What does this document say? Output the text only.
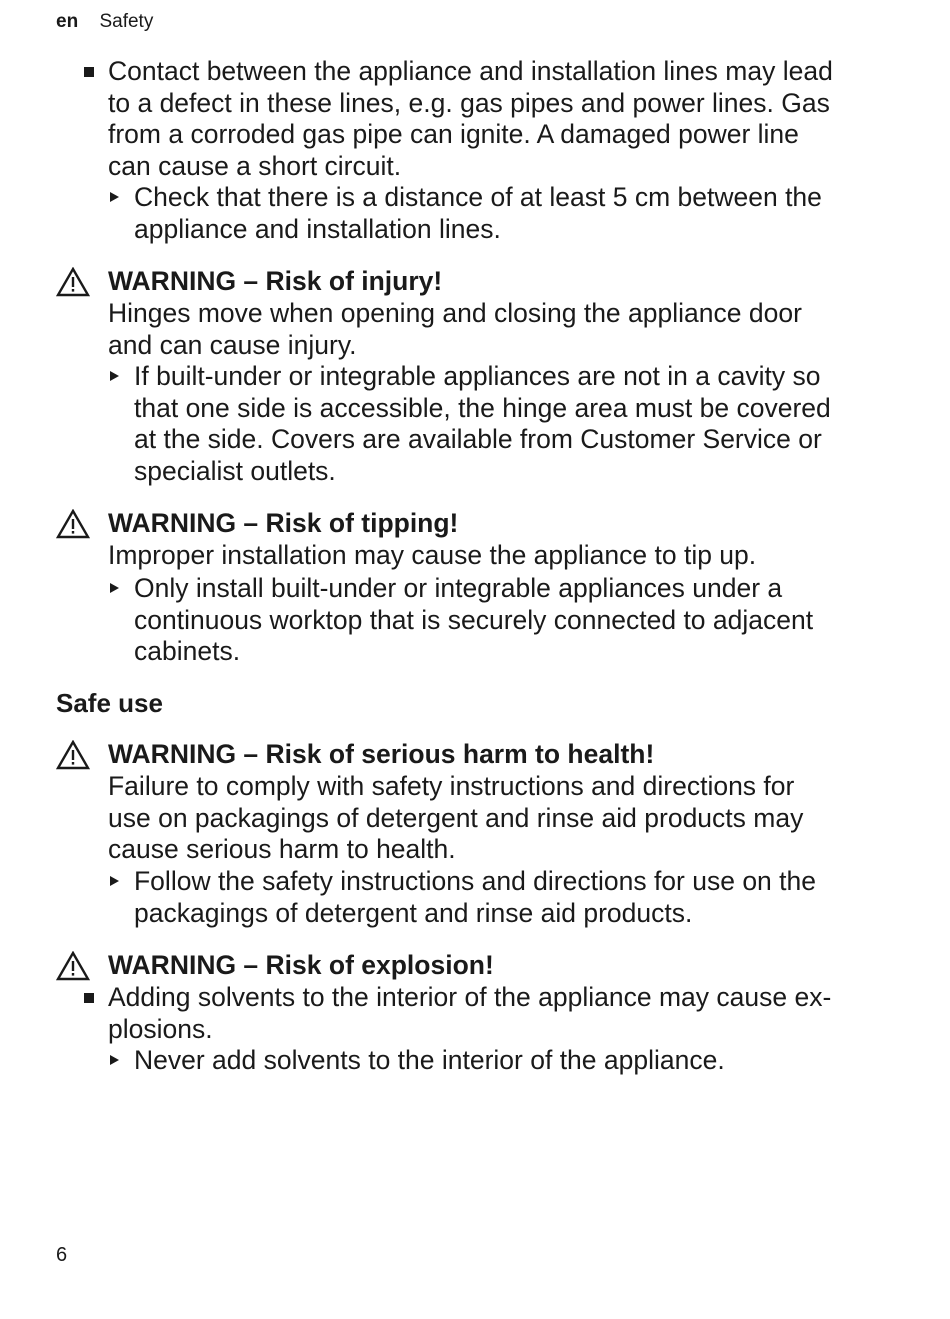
en Safety
Contact between the appliance and installation lines may lead
to a defect in these lines, e.g. gas pipes and power lines. Gas
from a corroded gas pipe can ignite. A damaged power line
can cause a short circuit.
Check that there is a distance of at least 5 cm between the
appliance and installation lines.
WARNING – Risk of injury!
Hinges move when opening and closing the appliance door
and can cause injury.
If built-under or integrable appliances are not in a cavity so
that one side is accessible, the hinge area must be covered
at the side. Covers are available from Customer Service or
specialist outlets.
WARNING – Risk of tipping!
Improper installation may cause the appliance to tip up.
Only install built-under or integrable appliances under a
continuous worktop that is securely connected to adjacent
cabinets.
Safe use
WARNING – Risk of serious harm to health!
Failure to comply with safety instructions and directions for
use on packagings of detergent and rinse aid products may
cause serious harm to health.
Follow the safety instructions and directions for use on the
packagings of detergent and rinse aid products.
WARNING – Risk of explosion!
Adding solvents to the interior of the appliance may cause ex-
plosions.
Never add solvents to the interior of the appliance.
6
